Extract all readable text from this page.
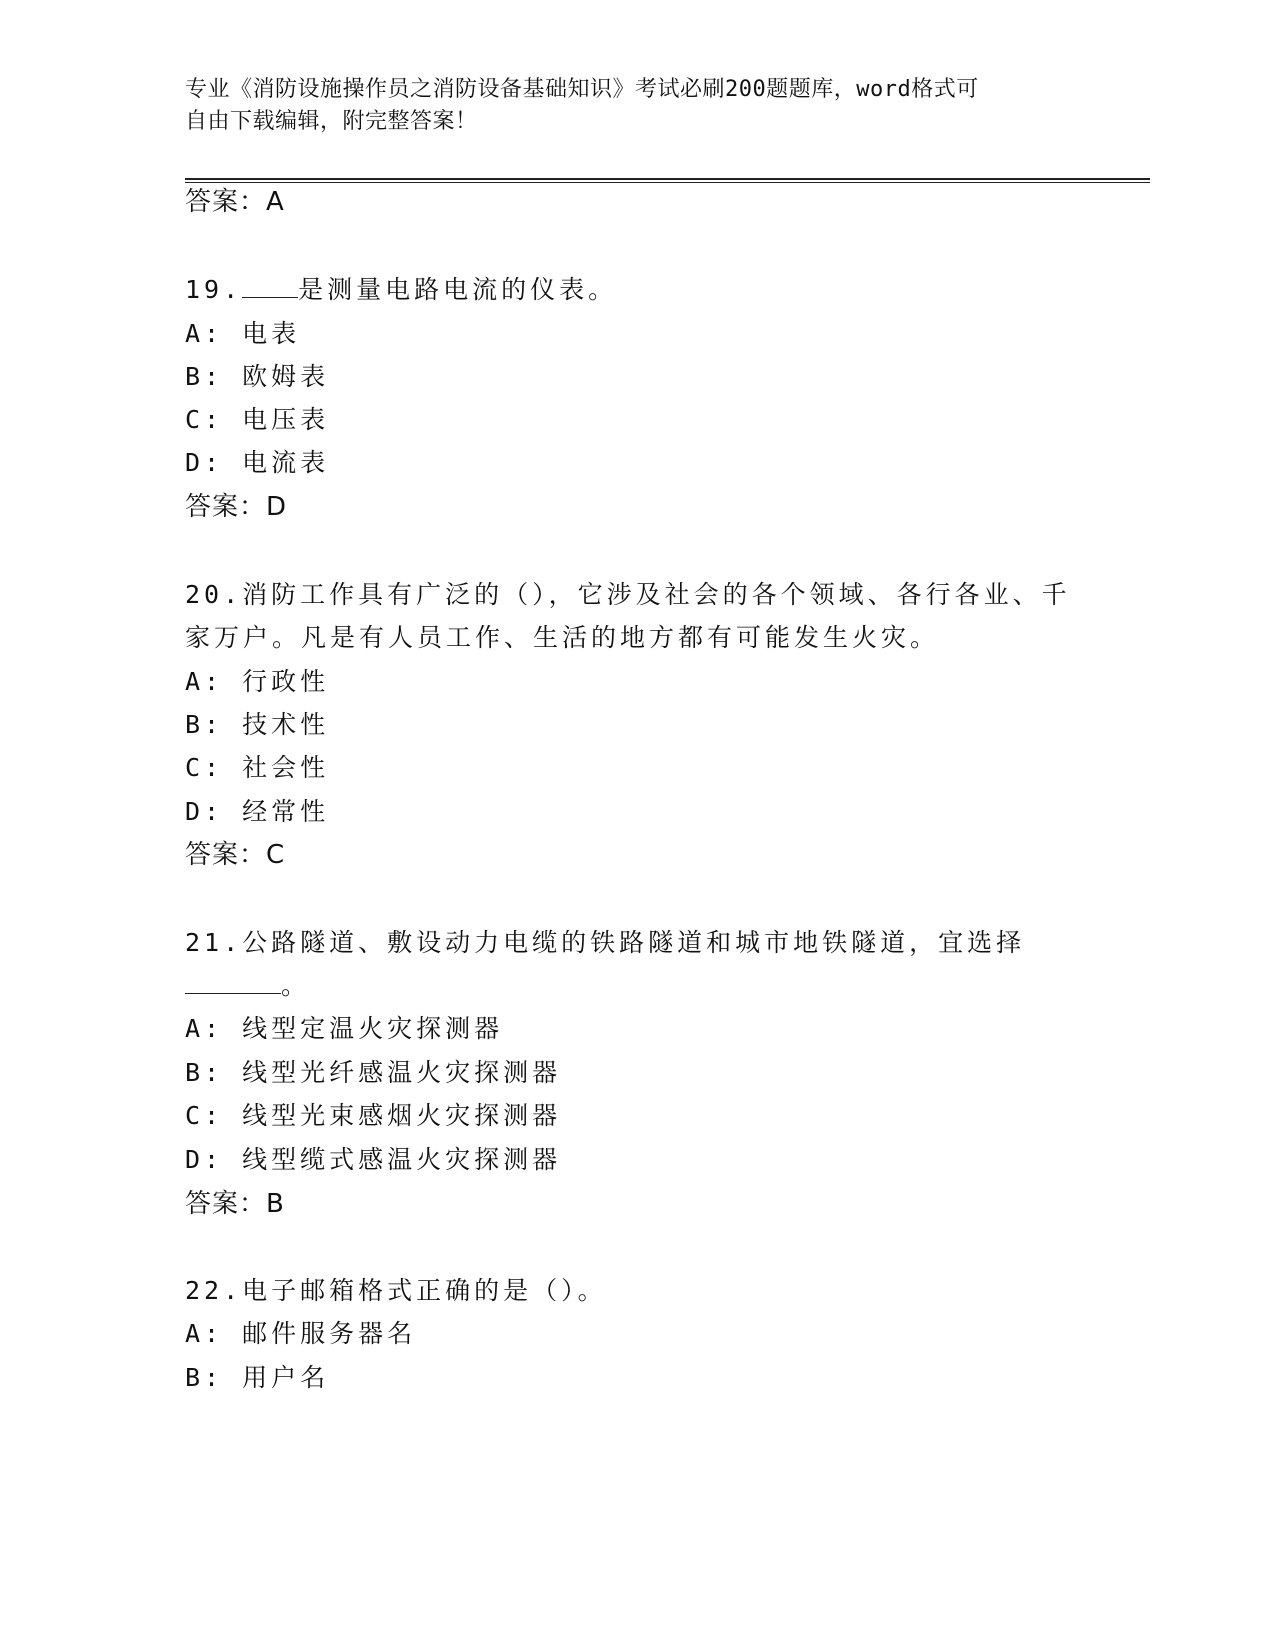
专业《消防设施操作员之消防设备基础知识》考试必刷200题题库，word格式可
自由下载编辑，附完整答案！
答案：A
19. 是测量电路电流的仪表。
A: 电表
B: 欧姆表
C: 电压表
D: 电流表
答案：D
20.消防工作具有广泛的（），它涉及社会的各个领域、各行各业、千
家万户。凡是有人员工作、生活的地方都有可能发生火灾。
A: 行政性
B: 技术性
C: 社会性
D: 经常性
答案：C
21.公路隧道、敷设动力电缆的铁路隧道和城市地铁隧道，宜选择
。
A: 线型定温火灾探测器
B: 线型光纤感温火灾探测器
C: 线型光束感烟火灾探测器
D: 线型缆式感温火灾探测器
答案：B
22.电子邮箱格式正确的是（）。
A: 邮件服务器名
B: 用户名
